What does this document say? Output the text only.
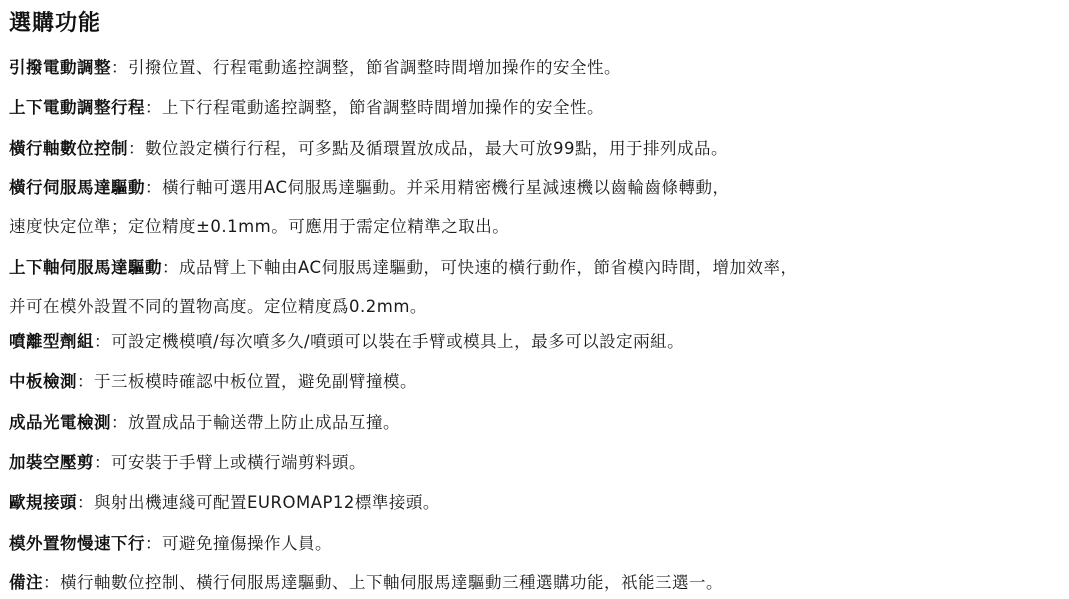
選購功能
引撥電動調整：引撥位置、行程電動遙控調整，節省調整時間增加操作的安全性。
上下電動調整行程：上下行程電動遙控調整，節省調整時間增加操作的安全性。
橫行軸數位控制：數位設定橫行行程，可多點及循環置放成品，最大可放99點，用于排列成品。
橫行伺服馬達驅動：橫行軸可選用AC伺服馬達驅動。并采用精密機行星減速機以齒輪齒條轉動，
速度快定位準；定位精度±0.1mm。可應用于需定位精準之取出。
上下軸伺服馬達驅動：成品臂上下軸由AC伺服馬達驅動，可快速的橫行動作，節省模內時間，增加效率，
并可在模外設置不同的置物高度。定位精度爲0.2mm。
噴離型劑組：可設定機模噴/每次噴多久/噴頭可以裝在手臂或模具上，最多可以設定兩組。
中板檢測：于三板模時確認中板位置，避免副臂撞模。
成品光電檢測：放置成品于輸送帶上防止成品互撞。
加裝空壓剪：可安裝于手臂上或橫行端剪料頭。
歐規接頭：與射出機連綫可配置EUROMAP12標準接頭。
模外置物慢速下行：可避免撞傷操作人員。
備注：橫行軸數位控制、橫行伺服馬達驅動、上下軸伺服馬達驅動三種選購功能，祇能三選一。
